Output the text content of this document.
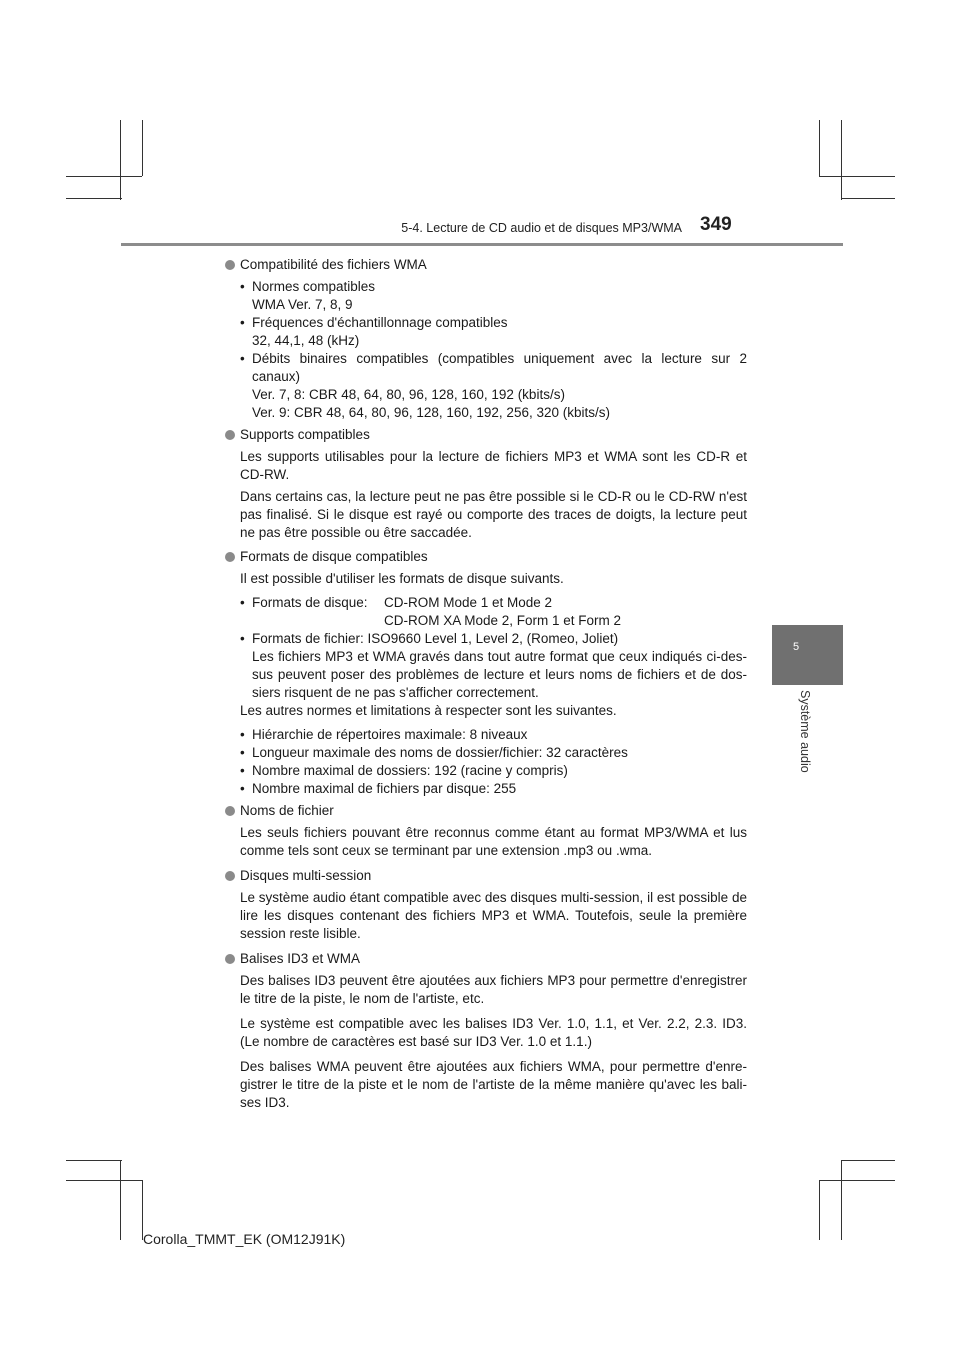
5-4. Lecture de CD audio et de disques MP3/WMA 349
5
Système audio
Compatibilité des fichiers WMA
• Normes compatibles
WMA Ver. 7, 8, 9
• Fréquences d'échantillonnage compatibles
32, 44,1, 48 (kHz)
• Débits binaires compatibles (compatibles uniquement avec la lecture sur 2 canaux)
Ver. 7, 8: CBR 48, 64, 80, 96, 128, 160, 192 (kbits/s)
Ver. 9: CBR 48, 64, 80, 96, 128, 160, 192, 256, 320 (kbits/s)
Supports compatibles
Les supports utilisables pour la lecture de fichiers MP3 et WMA sont les CD-R et CD-RW.
Dans certains cas, la lecture peut ne pas être possible si le CD-R ou le CD-RW n'est pas finalisé. Si le disque est rayé ou comporte des traces de doigts, la lecture peut ne pas être possible ou être saccadée.
Formats de disque compatibles
Il est possible d'utiliser les formats de disque suivants.
• Formats de disque:	CD-ROM Mode 1 et Mode 2
CD-ROM XA Mode 2, Form 1 et Form 2
• Formats de fichier: ISO9660 Level 1, Level 2, (Romeo, Joliet)
Les fichiers MP3 et WMA gravés dans tout autre format que ceux indiqués ci-des-sus peuvent poser des problèmes de lecture et leurs noms de fichiers et de dos-siers risquent de ne pas s'afficher correctement.
Les autres normes et limitations à respecter sont les suivantes.
• Hiérarchie de répertoires maximale: 8 niveaux
• Longueur maximale des noms de dossier/fichier: 32 caractères
• Nombre maximal de dossiers: 192 (racine y compris)
• Nombre maximal de fichiers par disque: 255
Noms de fichier
Les seuls fichiers pouvant être reconnus comme étant au format MP3/WMA et lus comme tels sont ceux se terminant par une extension .mp3 ou .wma.
Disques multi-session
Le système audio étant compatible avec des disques multi-session, il est possible de lire les disques contenant des fichiers MP3 et WMA. Toutefois, seule la première session reste lisible.
Balises ID3 et WMA
Des balises ID3 peuvent être ajoutées aux fichiers MP3 pour permettre d'enregistrer le titre de la piste, le nom de l'artiste, etc.
Le système est compatible avec les balises ID3 Ver. 1.0, 1.1, et Ver. 2.2, 2.3. ID3. (Le nombre de caractères est basé sur ID3 Ver. 1.0 et 1.1.)
Des balises WMA peuvent être ajoutées aux fichiers WMA, pour permettre d'enre-gistrer le titre de la piste et le nom de l'artiste de la même manière qu'avec les bali-ses ID3.
Corolla_TMMT_EK (OM12J91K)
